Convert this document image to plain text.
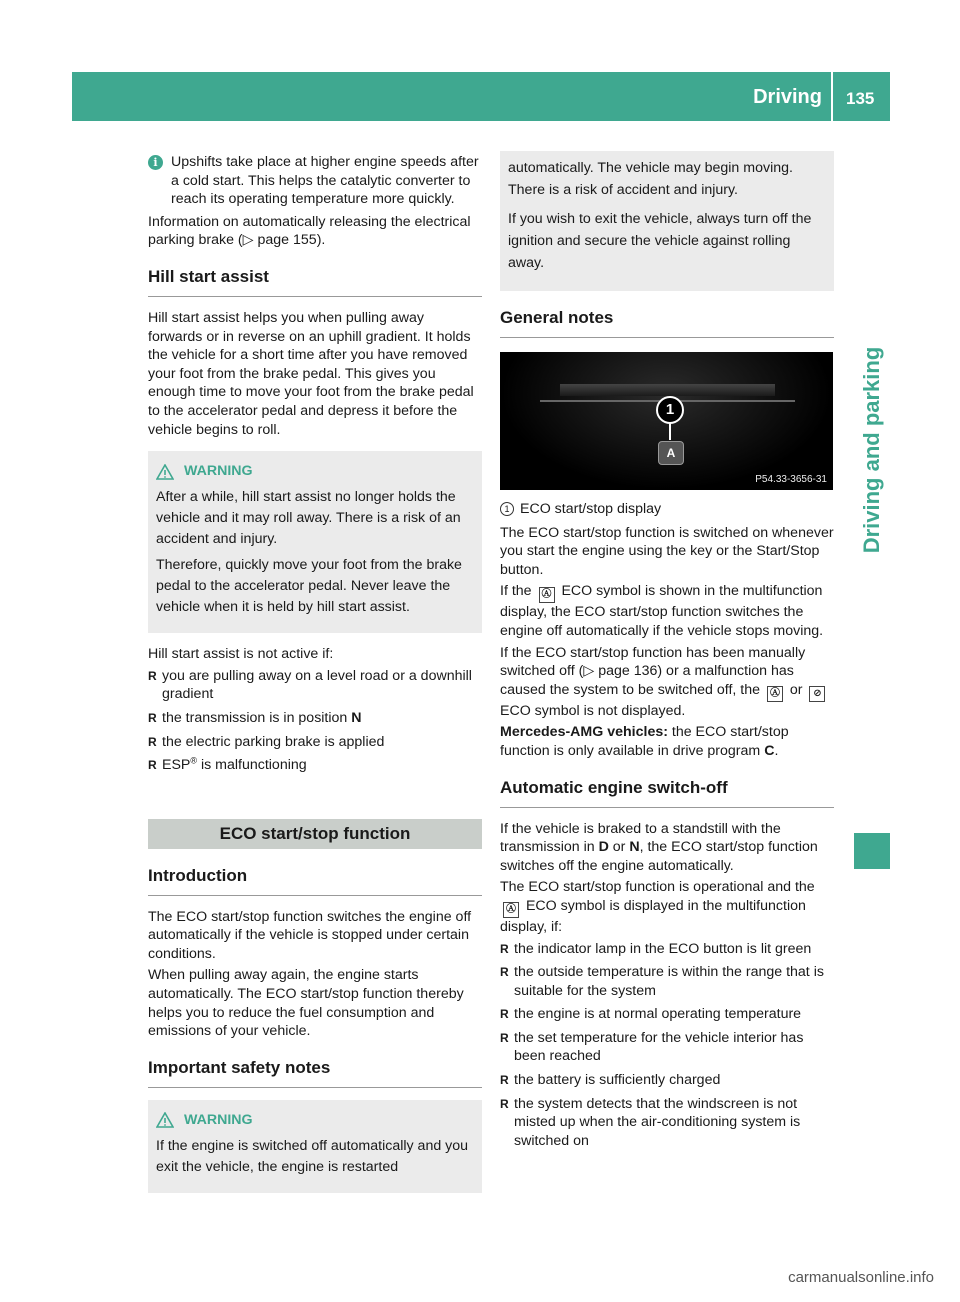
Driving 135
Driving and parking
i Upshifts take place at higher engine speeds after a cold start. This helps the catalytic converter to reach its operating temperature more quickly.

Information on automatically releasing the electrical parking brake (▷ page 155).

Hill start assist

Hill start assist helps you when pulling away forwards or in reverse on an uphill gradient. It holds the vehicle for a short time after you have removed your foot from the brake pedal. This gives you enough time to move your foot from the brake pedal to the accelerator pedal and depress it before the vehicle begins to roll.

WARNING

After a while, hill start assist no longer holds the vehicle and it may roll away. There is a risk of an accident and injury.

Therefore, quickly move your foot from the brake pedal to the accelerator pedal. Never leave the vehicle when it is held by hill start assist.

Hill start assist is not active if:

R you are pulling away on a level road or a downhill gradient
R the transmission is in position N
R the electric parking brake is applied
R ESP® is malfunctioning
ECO start/stop function
Introduction

The ECO start/stop function switches the engine off automatically if the vehicle is stopped under certain conditions.

When pulling away again, the engine starts automatically. The ECO start/stop function thereby helps you to reduce the fuel consumption and emissions of your vehicle.

Important safety notes
WARNING

If the engine is switched off automatically and you exit the vehicle, the engine is restarted

automatically. The vehicle may begin moving. There is a risk of accident and injury.

If you wish to exit the vehicle, always turn off the ignition and secure the vehicle against rolling away.

General notes
1
A
P54.33-3656-31
1 ECO start/stop display

The ECO start/stop function is switched on whenever you start the engine using the key or the Start/Stop button.

If the Ⓐ ECO symbol is shown in the multifunction display, the ECO start/stop function switches the engine off automatically if the vehicle stops moving.

If the ECO start/stop function has been manually switched off (▷ page 136) or a malfunction has caused the system to be switched off, the Ⓐ or ⊘ ECO symbol is not displayed.

Mercedes-AMG vehicles: the ECO start/stop function is only available in drive program C.

Automatic engine switch-off

If the vehicle is braked to a standstill with the transmission in D or N, the ECO start/stop function switches off the engine automatically.

The ECO start/stop function is operational and the Ⓐ ECO symbol is displayed in the multifunction display, if:

R the indicator lamp in the ECO button is lit green
R the outside temperature is within the range that is suitable for the system
R the engine is at normal operating temperature
R the set temperature for the vehicle interior has been reached
R the battery is sufficiently charged
R the system detects that the windscreen is not misted up when the air-conditioning system is switched on
carmanualsonline.info
